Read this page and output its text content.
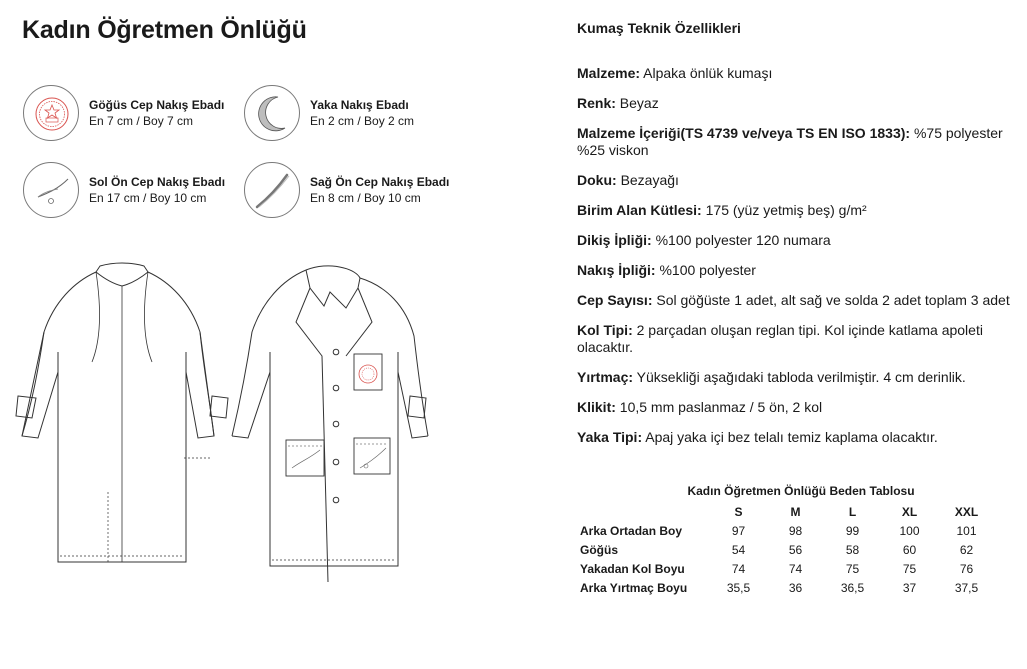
Kadın Öğretmen Önlüğü
Göğüs Cep Nakış Ebadı
En 7 cm / Boy 7 cm
Yaka Nakış Ebadı
En 2 cm / Boy 2 cm
Sol Ön Cep Nakış Ebadı
En 17 cm / Boy 10 cm
Sağ Ön Cep Nakış Ebadı
En 8 cm / Boy 10 cm
Kumaş Teknik Özellikleri
Malzeme: Alpaka önlük kumaşı
Renk: Beyaz
Malzeme İçeriği(TS 4739 ve/veya TS EN ISO 1833): %75 polyester %25 viskon
Doku: Bezayağı
Birim Alan Kütlesi: 175 (yüz yetmiş beş) g/m²
Dikiş İpliği: %100 polyester 120 numara
Nakış İpliği: %100 polyester
Cep Sayısı: Sol göğüste 1 adet, alt sağ ve solda 2 adet toplam 3 adet
Kol Tipi: 2 parçadan oluşan reglan tipi. Kol içinde katlama apoleti olacaktır.
Yırtmaç: Yüksekliği aşağıdaki tabloda verilmiştir. 4 cm derinlik.
Klikit: 10,5 mm paslanmaz / 5 ön, 2 kol
Yaka Tipi: Apaj yaka içi bez telalı temiz kaplama olacaktır.
Kadın Öğretmen Önlüğü Beden Tablosu
	S	M	L	XL	XXL
Arka Ortadan Boy	97	98	99	100	101
Göğüs	54	56	58	60	62
Yakadan Kol Boyu	74	74	75	75	76
Arka Yırtmaç Boyu	35,5	36	36,5	37	37,5
